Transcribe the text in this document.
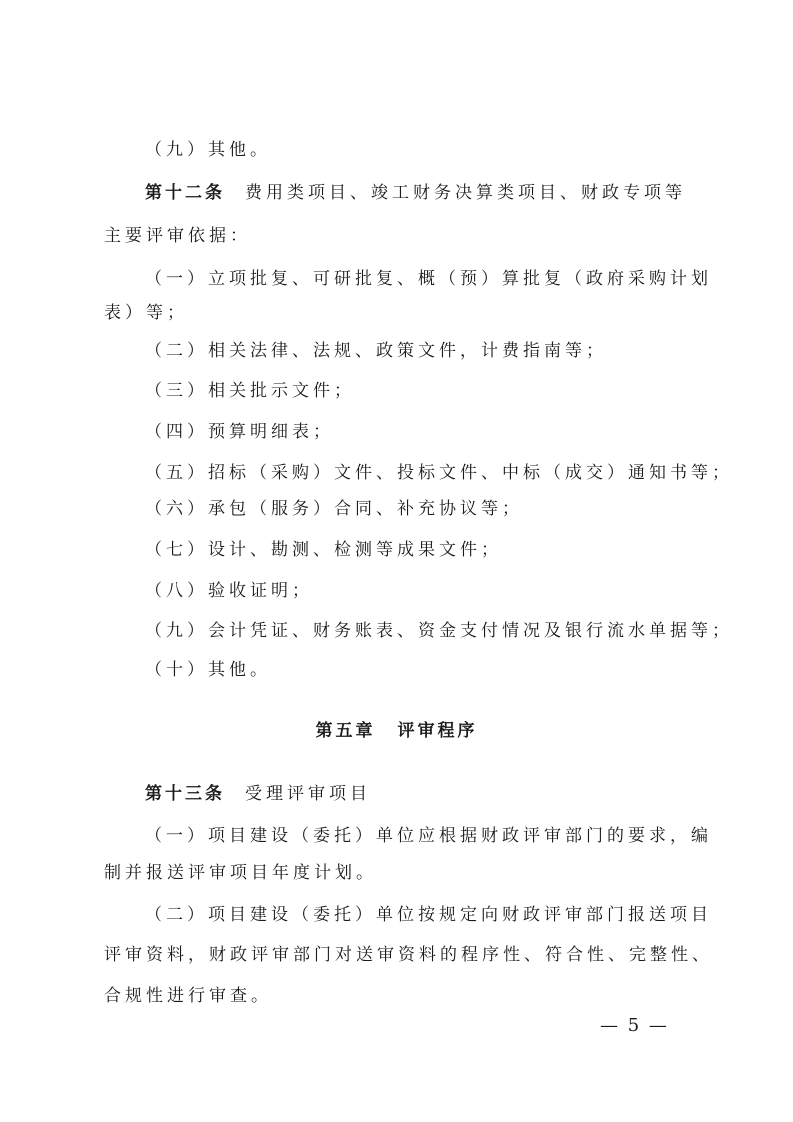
（九）其他。
第十二条 费用类项目、竣工财务决算类项目、财政专项等
主要评审依据：
（一）立项批复、可研批复、概（预）算批复（政府采购计划
表）等；
（二）相关法律、法规、政策文件，计费指南等；
（三）相关批示文件；
（四）预算明细表；
（五）招标（采购）文件、投标文件、中标（成交）通知书等；
（六）承包（服务）合同、补充协议等；
（七）设计、勘测、检测等成果文件；
（八）验收证明；
（九）会计凭证、财务账表、资金支付情况及银行流水单据等；
（十）其他。
第五章 评审程序
第十三条 受理评审项目
（一）项目建设（委托）单位应根据财政评审部门的要求，编
制并报送评审项目年度计划。
（二）项目建设（委托）单位按规定向财政评审部门报送项目
评审资料，财政评审部门对送审资料的程序性、符合性、完整性、
合规性进行审查。
— 5 —
